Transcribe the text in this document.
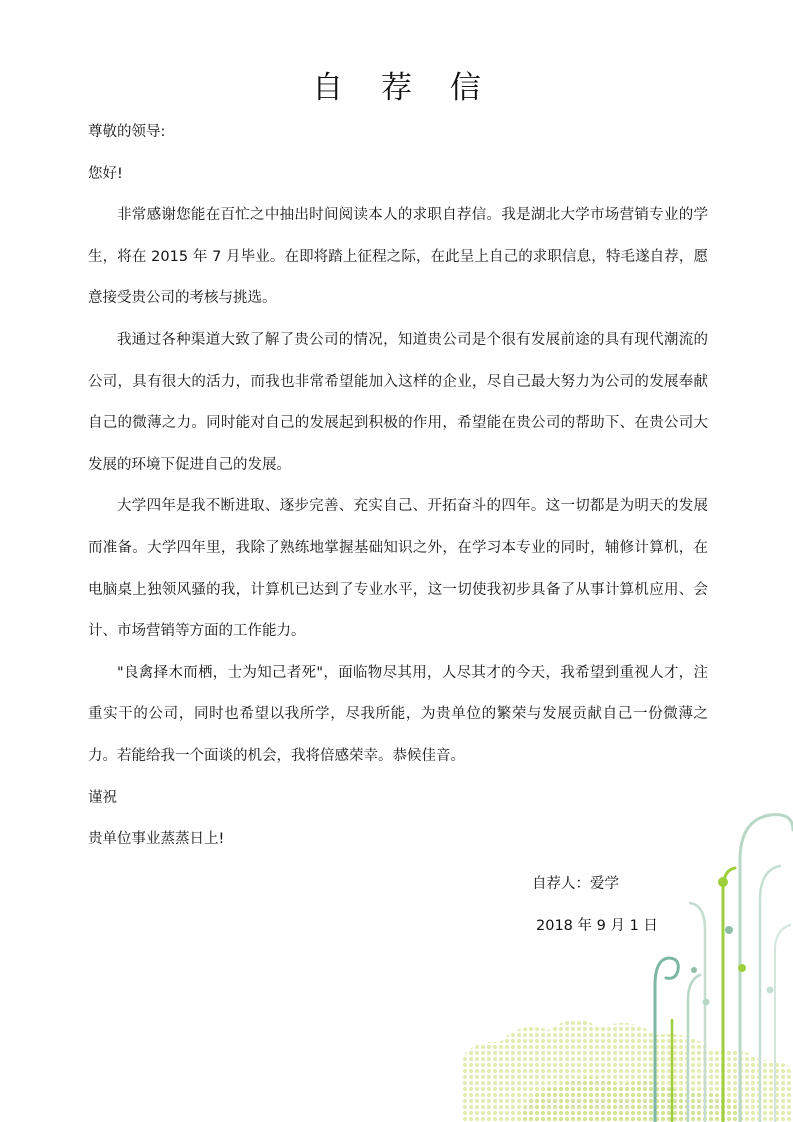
自 荐 信

尊敬的领导:

您好!

非常感谢您能在百忙之中抽出时间阅读本人的求职自荐信。我是湖北大学市场营销专业的学生，将在 2015 年 7 月毕业。在即将踏上征程之际，在此呈上自己的求职信息，特毛遂自荐，愿意接受贵公司的考核与挑选。

我通过各种渠道大致了解了贵公司的情况，知道贵公司是个很有发展前途的具有现代潮流的公司，具有很大的活力，而我也非常希望能加入这样的企业，尽自己最大努力为公司的发展奉献自己的微薄之力。同时能对自己的发展起到积极的作用，希望能在贵公司的帮助下、在贵公司大发展的环境下促进自己的发展。

大学四年是我不断进取、逐步完善、充实自己、开拓奋斗的四年。这一切都是为明天的发展而准备。大学四年里，我除了熟练地掌握基础知识之外，在学习本专业的同时，辅修计算机，在电脑桌上独领风骚的我，计算机已达到了专业水平，这一切使我初步具备了从事计算机应用、会计、市场营销等方面的工作能力。

"良禽择木而栖，士为知己者死"，面临物尽其用，人尽其才的今天，我希望到重视人才，注重实干的公司，同时也希望以我所学，尽我所能，为贵单位的繁荣与发展贡献自己一份微薄之力。若能给我一个面谈的机会，我将倍感荣幸。恭候佳音。

谨祝

贵单位事业蒸蒸日上!

自荐人：爱学
2018 年 9 月 1 日
